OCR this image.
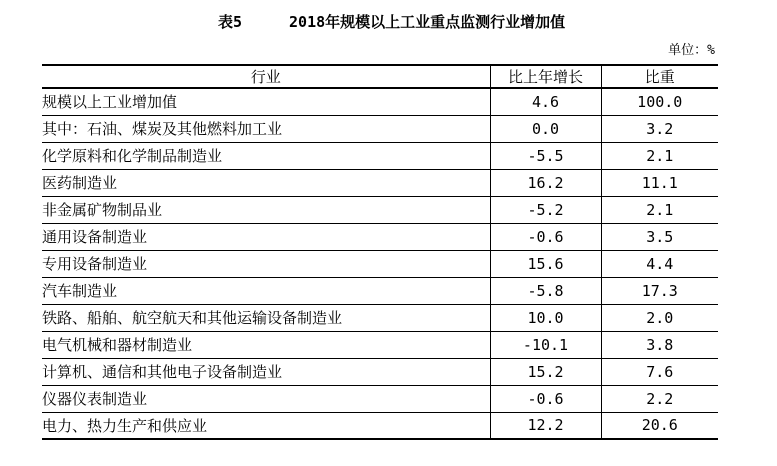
表5	2018年规模以上工业重点监测行业增加值
单位：%
行业	比上年增长	比重
规模以上工业增加值	4.6	100.0
其中：石油、煤炭及其他燃料加工业	0.0	3.2
化学原料和化学制品制造业	-5.5	2.1
医药制造业	16.2	11.1
非金属矿物制品业	-5.2	2.1
通用设备制造业	-0.6	3.5
专用设备制造业	15.6	4.4
汽车制造业	-5.8	17.3
铁路、船舶、航空航天和其他运输设备制造业	10.0	2.0
电气机械和器材制造业	-10.1	3.8
计算机、通信和其他电子设备制造业	15.2	7.6
仪器仪表制造业	-0.6	2.2
电力、热力生产和供应业	12.2	20.6
